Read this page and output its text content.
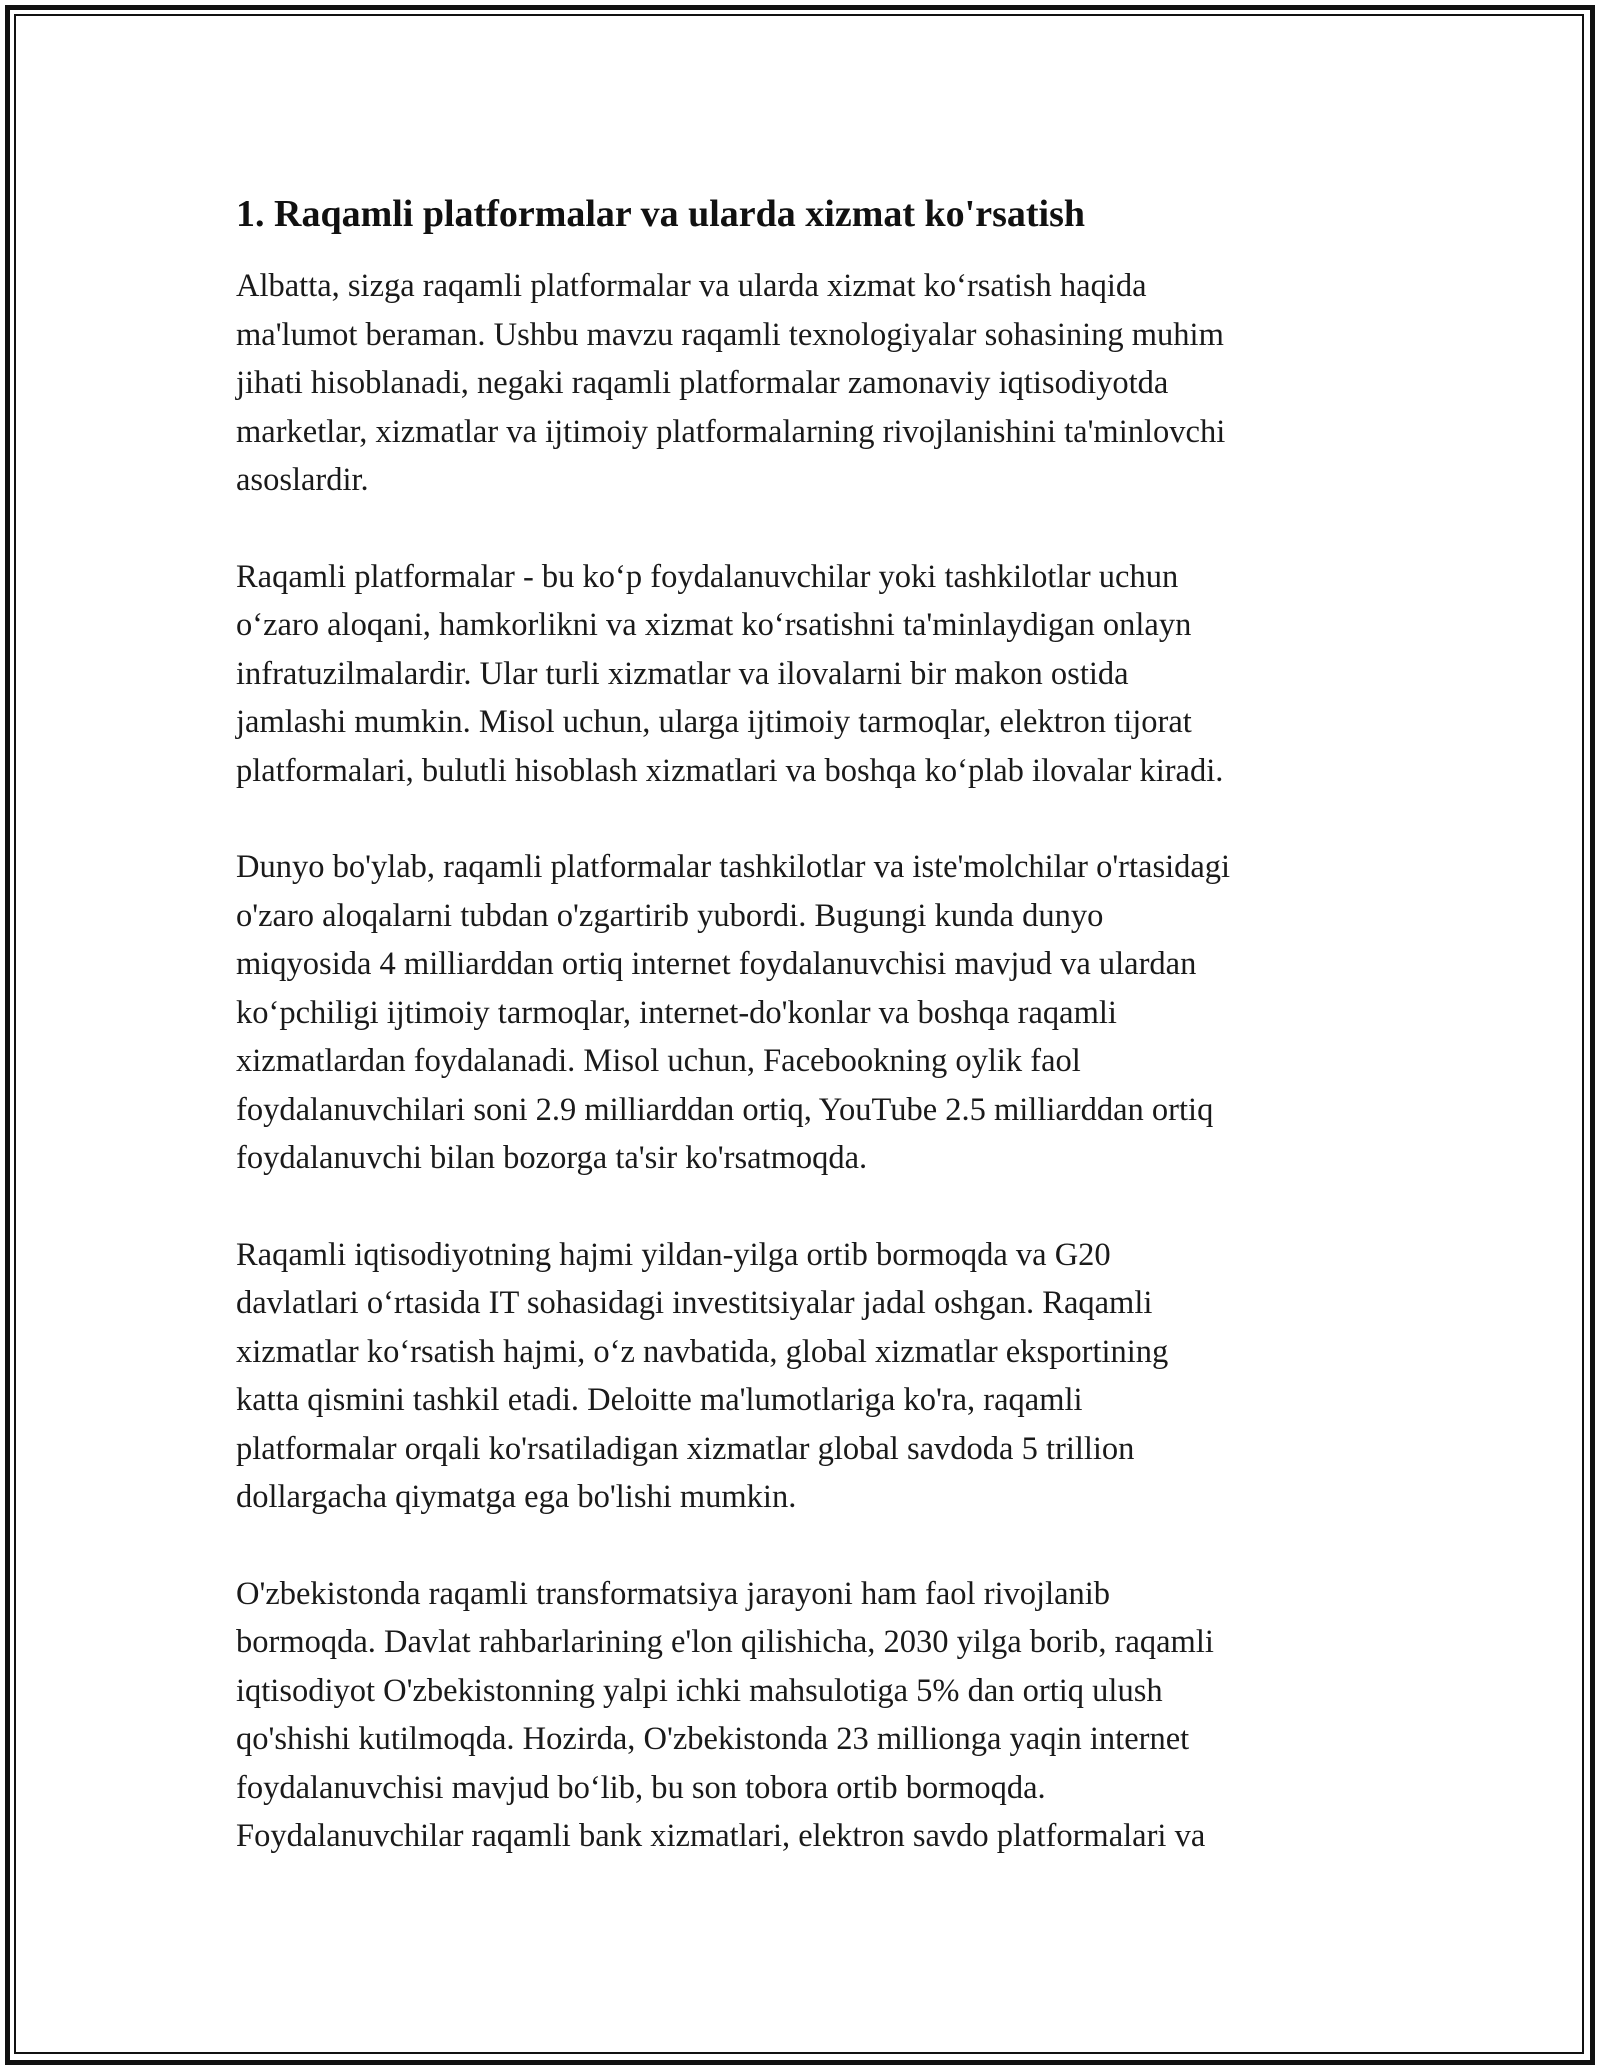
1. Raqamli platformalar va ularda xizmat ko'rsatish

Albatta, sizga raqamli platformalar va ularda xizmat ko‘rsatish haqida
ma'lumot beraman. Ushbu mavzu raqamli texnologiyalar sohasining muhim
jihati hisoblanadi, negaki raqamli platformalar zamonaviy iqtisodiyotda
marketlar, xizmatlar va ijtimoiy platformalarning rivojlanishini ta'minlovchi
asoslardir.

Raqamli platformalar - bu ko‘p foydalanuvchilar yoki tashkilotlar uchun
o‘zaro aloqani, hamkorlikni va xizmat ko‘rsatishni ta'minlaydigan onlayn
infratuzilmalardir. Ular turli xizmatlar va ilovalarni bir makon ostida
jamlashi mumkin. Misol uchun, ularga ijtimoiy tarmoqlar, elektron tijorat
platformalari, bulutli hisoblash xizmatlari va boshqa ko‘plab ilovalar kiradi.

Dunyo bo'ylab, raqamli platformalar tashkilotlar va iste'molchilar o'rtasidagi
o'zaro aloqalarni tubdan o'zgartirib yubordi. Bugungi kunda dunyo
miqyosida 4 milliarddan ortiq internet foydalanuvchisi mavjud va ulardan
ko‘pchiligi ijtimoiy tarmoqlar, internet-do'konlar va boshqa raqamli
xizmatlardan foydalanadi. Misol uchun, Facebookning oylik faol
foydalanuvchilari soni 2.9 milliarddan ortiq, YouTube 2.5 milliarddan ortiq
foydalanuvchi bilan bozorga ta'sir ko'rsatmoqda.

Raqamli iqtisodiyotning hajmi yildan-yilga ortib bormoqda va G20
davlatlari o‘rtasida IT sohasidagi investitsiyalar jadal oshgan. Raqamli
xizmatlar ko‘rsatish hajmi, o‘z navbatida, global xizmatlar eksportining
katta qismini tashkil etadi. Deloitte ma'lumotlariga ko'ra, raqamli
platformalar orqali ko'rsatiladigan xizmatlar global savdoda 5 trillion
dollargacha qiymatga ega bo'lishi mumkin.

O'zbekistonda raqamli transformatsiya jarayoni ham faol rivojlanib
bormoqda. Davlat rahbarlarining e'lon qilishicha, 2030 yilga borib, raqamli
iqtisodiyot O'zbekistonning yalpi ichki mahsulotiga 5% dan ortiq ulush
qo'shishi kutilmoqda. Hozirda, O'zbekistonda 23 millionga yaqin internet
foydalanuvchisi mavjud bo‘lib, bu son tobora ortib bormoqda.
Foydalanuvchilar raqamli bank xizmatlari, elektron savdo platformalari va
